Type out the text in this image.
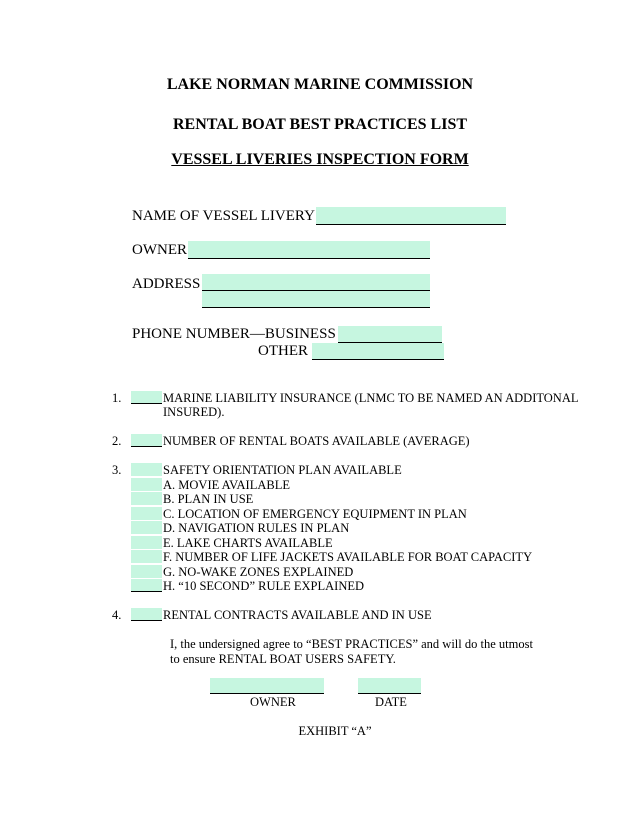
LAKE NORMAN MARINE COMMISSION
RENTAL BOAT BEST PRACTICES LIST
VESSEL LIVERIES INSPECTION FORM
NAME OF VESSEL LIVERY
OWNER
ADDRESS
PHONE NUMBER—BUSINESS
OTHER
1.	MARINE LIABILITY INSURANCE (LNMC TO BE NAMED AN ADDITONAL
INSURED).
2.	NUMBER OF RENTAL BOATS AVAILABLE (AVERAGE)
3.	SAFETY ORIENTATION PLAN AVAILABLE
A. MOVIE AVAILABLE
B. PLAN IN USE
C. LOCATION OF EMERGENCY EQUIPMENT IN PLAN
D. NAVIGATION RULES IN PLAN
E. LAKE CHARTS AVAILABLE
F. NUMBER OF LIFE JACKETS AVAILABLE FOR BOAT CAPACITY
G. NO-WAKE ZONES EXPLAINED
H. “10 SECOND” RULE EXPLAINED
4.	RENTAL CONTRACTS AVAILABLE AND IN USE
I, the undersigned agree to “BEST PRACTICES” and will do the utmost
to ensure RENTAL BOAT USERS SAFETY.
OWNER	DATE
EXHIBIT “A”
